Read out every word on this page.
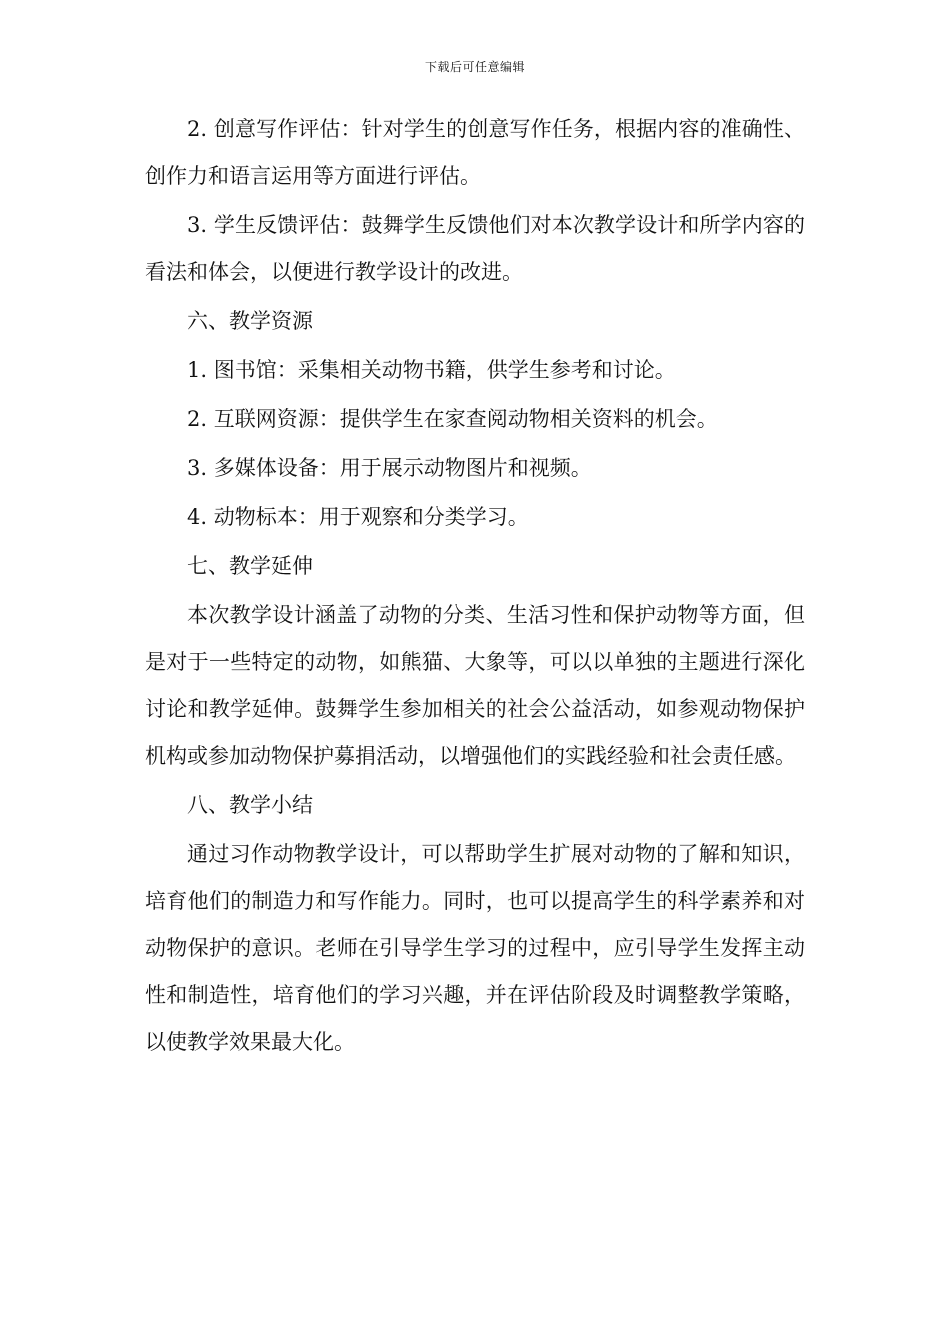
下载后可任意编辑

2. 创意写作评估：针对学生的创意写作任务，根据内容的准确性、创作力和语言运用等方面进行评估。

3. 学生反馈评估：鼓舞学生反馈他们对本次教学设计和所学内容的看法和体会，以便进行教学设计的改进。

六、教学资源

1. 图书馆：采集相关动物书籍，供学生参考和讨论。

2. 互联网资源：提供学生在家查阅动物相关资料的机会。

3. 多媒体设备：用于展示动物图片和视频。

4. 动物标本：用于观察和分类学习。

七、教学延伸

本次教学设计涵盖了动物的分类、生活习性和保护动物等方面，但是对于一些特定的动物，如熊猫、大象等，可以以单独的主题进行深化讨论和教学延伸。鼓舞学生参加相关的社会公益活动，如参观动物保护机构或参加动物保护募捐活动，以增强他们的实践经验和社会责任感。

八、教学小结

通过习作动物教学设计，可以帮助学生扩展对动物的了解和知识，培育他们的制造力和写作能力。同时，也可以提高学生的科学素养和对动物保护的意识。老师在引导学生学习的过程中，应引导学生发挥主动性和制造性，培育他们的学习兴趣，并在评估阶段及时调整教学策略，以使教学效果最大化。
